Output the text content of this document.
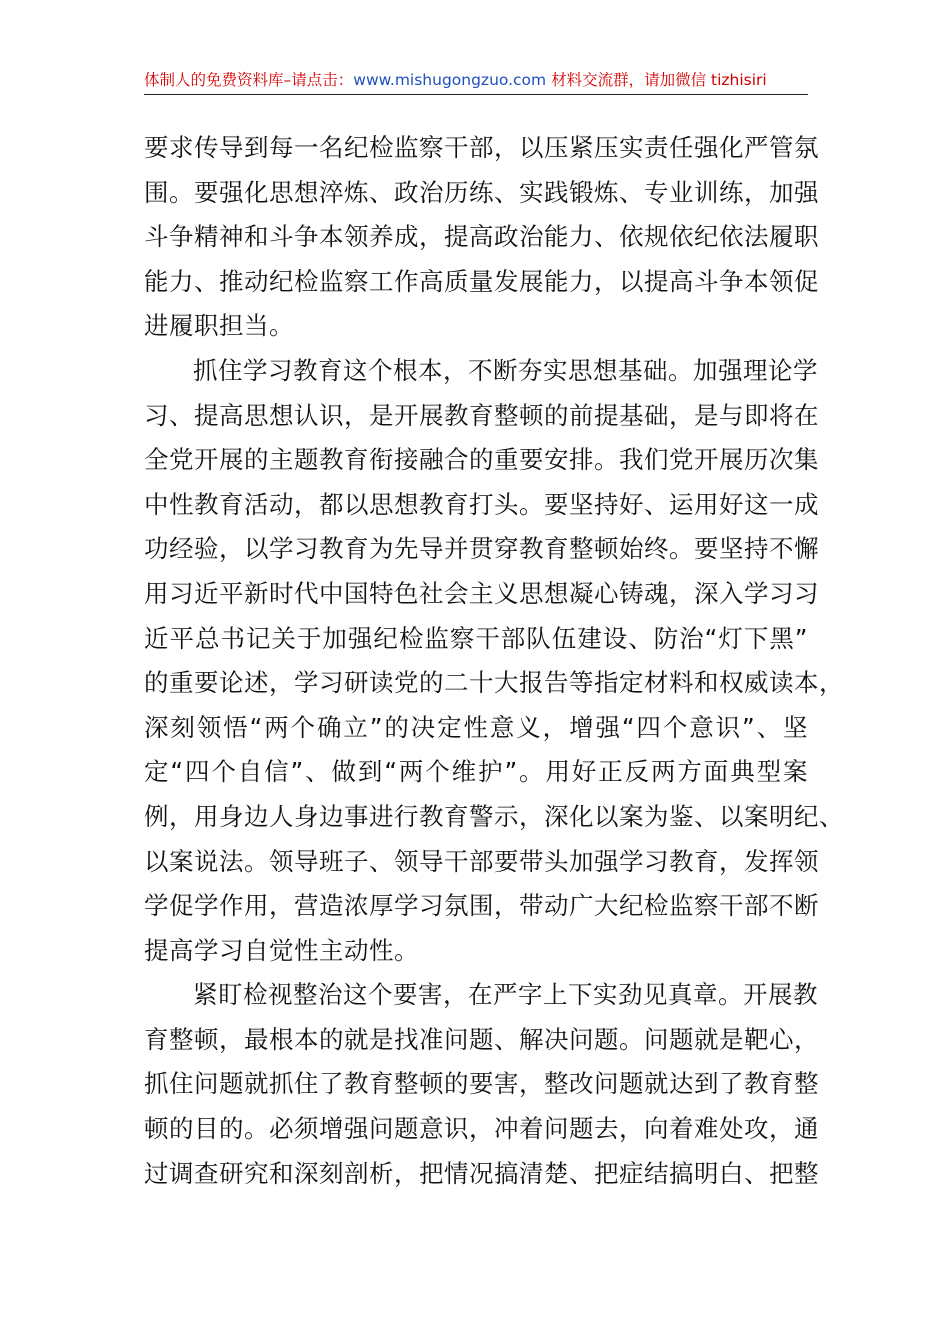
体制人的免费资料库–请点击：www.mishugongzuo.com 材料交流群，请加微信 tizhisiri
要求传导到每一名纪检监察干部，以压紧压实责任强化严管氛
围。要强化思想淬炼、政治历练、实践锻炼、专业训练，加强
斗争精神和斗争本领养成，提高政治能力、依规依纪依法履职
能力、推动纪检监察工作高质量发展能力，以提高斗争本领促
进履职担当。
抓住学习教育这个根本，不断夯实思想基础。加强理论学
习、提高思想认识，是开展教育整顿的前提基础，是与即将在
全党开展的主题教育衔接融合的重要安排。我们党开展历次集
中性教育活动，都以思想教育打头。要坚持好、运用好这一成
功经验，以学习教育为先导并贯穿教育整顿始终。要坚持不懈
用习近平新时代中国特色社会主义思想凝心铸魂，深入学习习
近平总书记关于加强纪检监察干部队伍建设、防治“灯下黑”
的重要论述，学习研读党的二十大报告等指定材料和权威读本，
深刻领悟“两个确立”的决定性意义，增强“四个意识”、坚
定“四个自信”、做到“两个维护”。用好正反两方面典型案
例，用身边人身边事进行教育警示，深化以案为鉴、以案明纪、
以案说法。领导班子、领导干部要带头加强学习教育，发挥领
学促学作用，营造浓厚学习氛围，带动广大纪检监察干部不断
提高学习自觉性主动性。
紧盯检视整治这个要害，在严字上下实劲见真章。开展教
育整顿，最根本的就是找准问题、解决问题。问题就是靶心，
抓住问题就抓住了教育整顿的要害，整改问题就达到了教育整
顿的目的。必须增强问题意识，冲着问题去，向着难处攻，通
过调查研究和深刻剖析，把情况搞清楚、把症结搞明白、把整
